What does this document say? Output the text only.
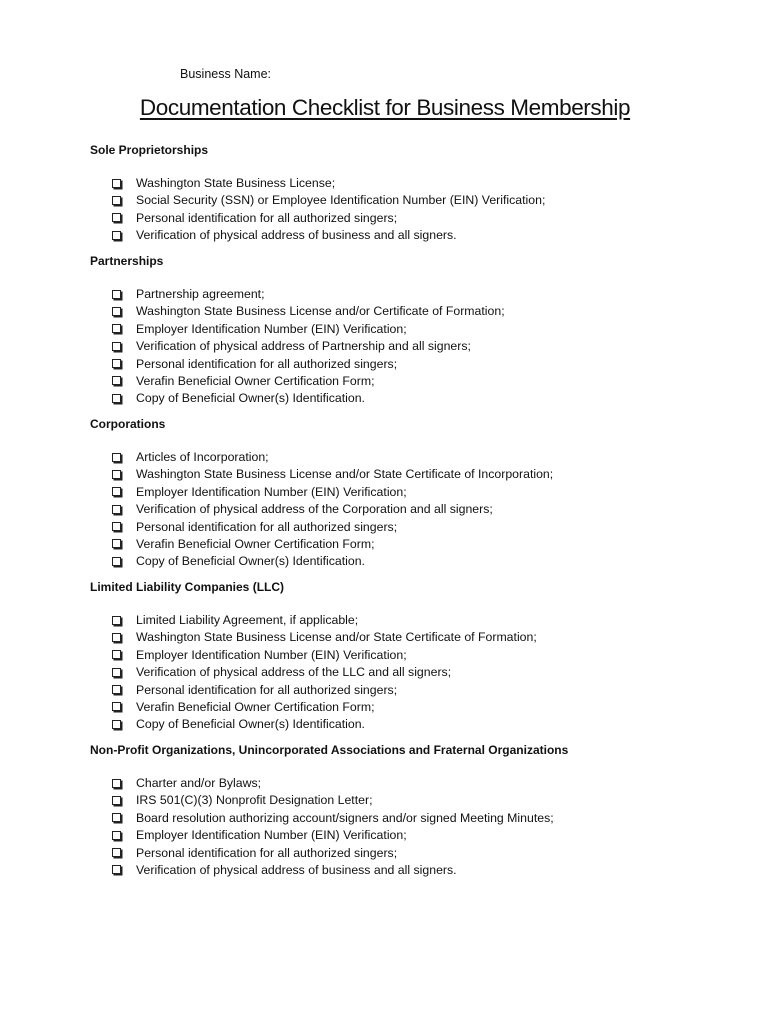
Business Name:
Documentation Checklist for Business Membership
Sole Proprietorships
Washington State Business License;
Social Security (SSN) or Employee Identification Number (EIN) Verification;
Personal identification for all authorized singers;
Verification of physical address of business and all signers.
Partnerships
Partnership agreement;
Washington State Business License and/or Certificate of Formation;
Employer Identification Number (EIN) Verification;
Verification of physical address of Partnership and all signers;
Personal identification for all authorized singers;
Verafin Beneficial Owner Certification Form;
Copy of Beneficial Owner(s) Identification.
Corporations
Articles of Incorporation;
Washington State Business License and/or State Certificate of Incorporation;
Employer Identification Number (EIN) Verification;
Verification of physical address of the Corporation and all signers;
Personal identification for all authorized singers;
Verafin Beneficial Owner Certification Form;
Copy of Beneficial Owner(s) Identification.
Limited Liability Companies (LLC)
Limited Liability Agreement, if applicable;
Washington State Business License and/or State Certificate of Formation;
Employer Identification Number (EIN) Verification;
Verification of physical address of the LLC and all signers;
Personal identification for all authorized singers;
Verafin Beneficial Owner Certification Form;
Copy of Beneficial Owner(s) Identification.
Non-Profit Organizations, Unincorporated Associations and Fraternal Organizations
Charter and/or Bylaws;
IRS 501(C)(3) Nonprofit Designation Letter;
Board resolution authorizing account/signers and/or signed Meeting Minutes;
Employer Identification Number (EIN) Verification;
Personal identification for all authorized singers;
Verification of physical address of business and all signers.
